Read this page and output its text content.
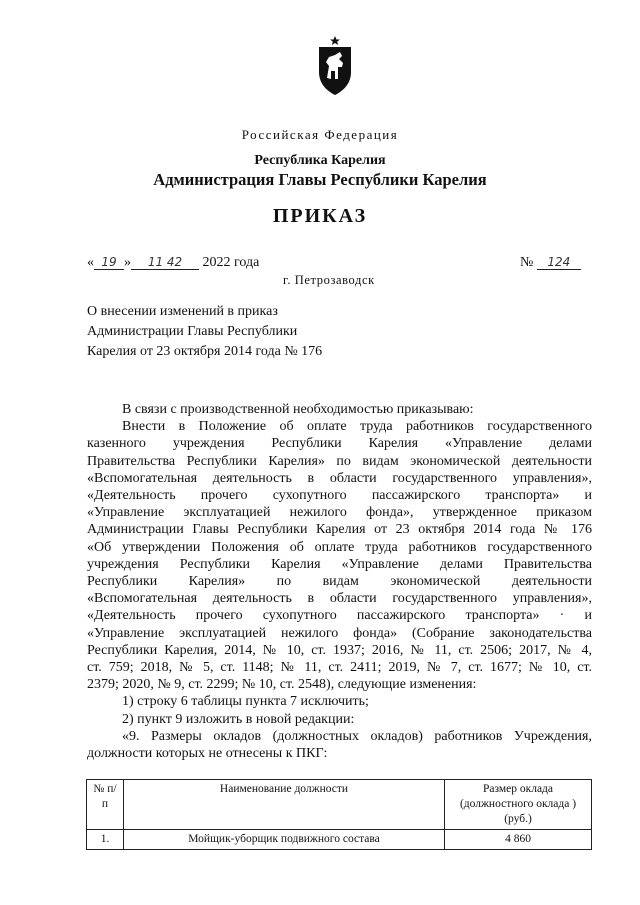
Российская Федерация
Республика Карелия
Администрация Главы Республики Карелия
ПРИКАЗ
« 19 » 11 42 2022 года	№ 124
г. Петрозаводск
О внесении изменений в приказ
Администрации Главы Республики
Карелия от 23 октября 2014 года № 176

В связи с производственной необходимостью приказываю:

Внести в Положение об оплате труда работников государственного

казенного учреждения Республики Карелия «Управление делами

Правительства Республики Карелия» по видам экономической деятельности

«Вспомогательная деятельность в области государственного управления»,

«Деятельность прочего сухопутного пассажирского транспорта» и

«Управление эксплуатацией нежилого фонда», утвержденное приказом

Администрации Главы Республики Карелия от 23 октября 2014 года № 176

«Об утверждении Положения об оплате труда работников государственного

учреждения Республики Карелия «Управление делами Правительства

Республики Карелия» по видам экономической деятельности

«Вспомогательная деятельность в области государственного управления»,

«Деятельность прочего сухопутного пассажирского транспорта» · и

«Управление эксплуатацией нежилого фонда» (Собрание законодательства

Республики Карелия, 2014, № 10, ст. 1937; 2016, № 11, ст. 2506; 2017, № 4,

ст. 759; 2018, № 5, ст. 1148; № 11, ст. 2411; 2019, № 7, ст. 1677; № 10, ст.

2379; 2020, № 9, ст. 2299; № 10, ст. 2548), следующие изменения:

1) строку 6 таблицы пункта 7 исключить;

2) пункт 9 изложить в новой редакции:

«9. Размеры окладов (должностных окладов) работников Учреждения,

должности которых не отнесены к ПКГ:

№ п/п	Наименование должности	Размер оклада (должностного оклада ) (руб.)
1.	Мойщик-уборщик подвижного состава	4 860
